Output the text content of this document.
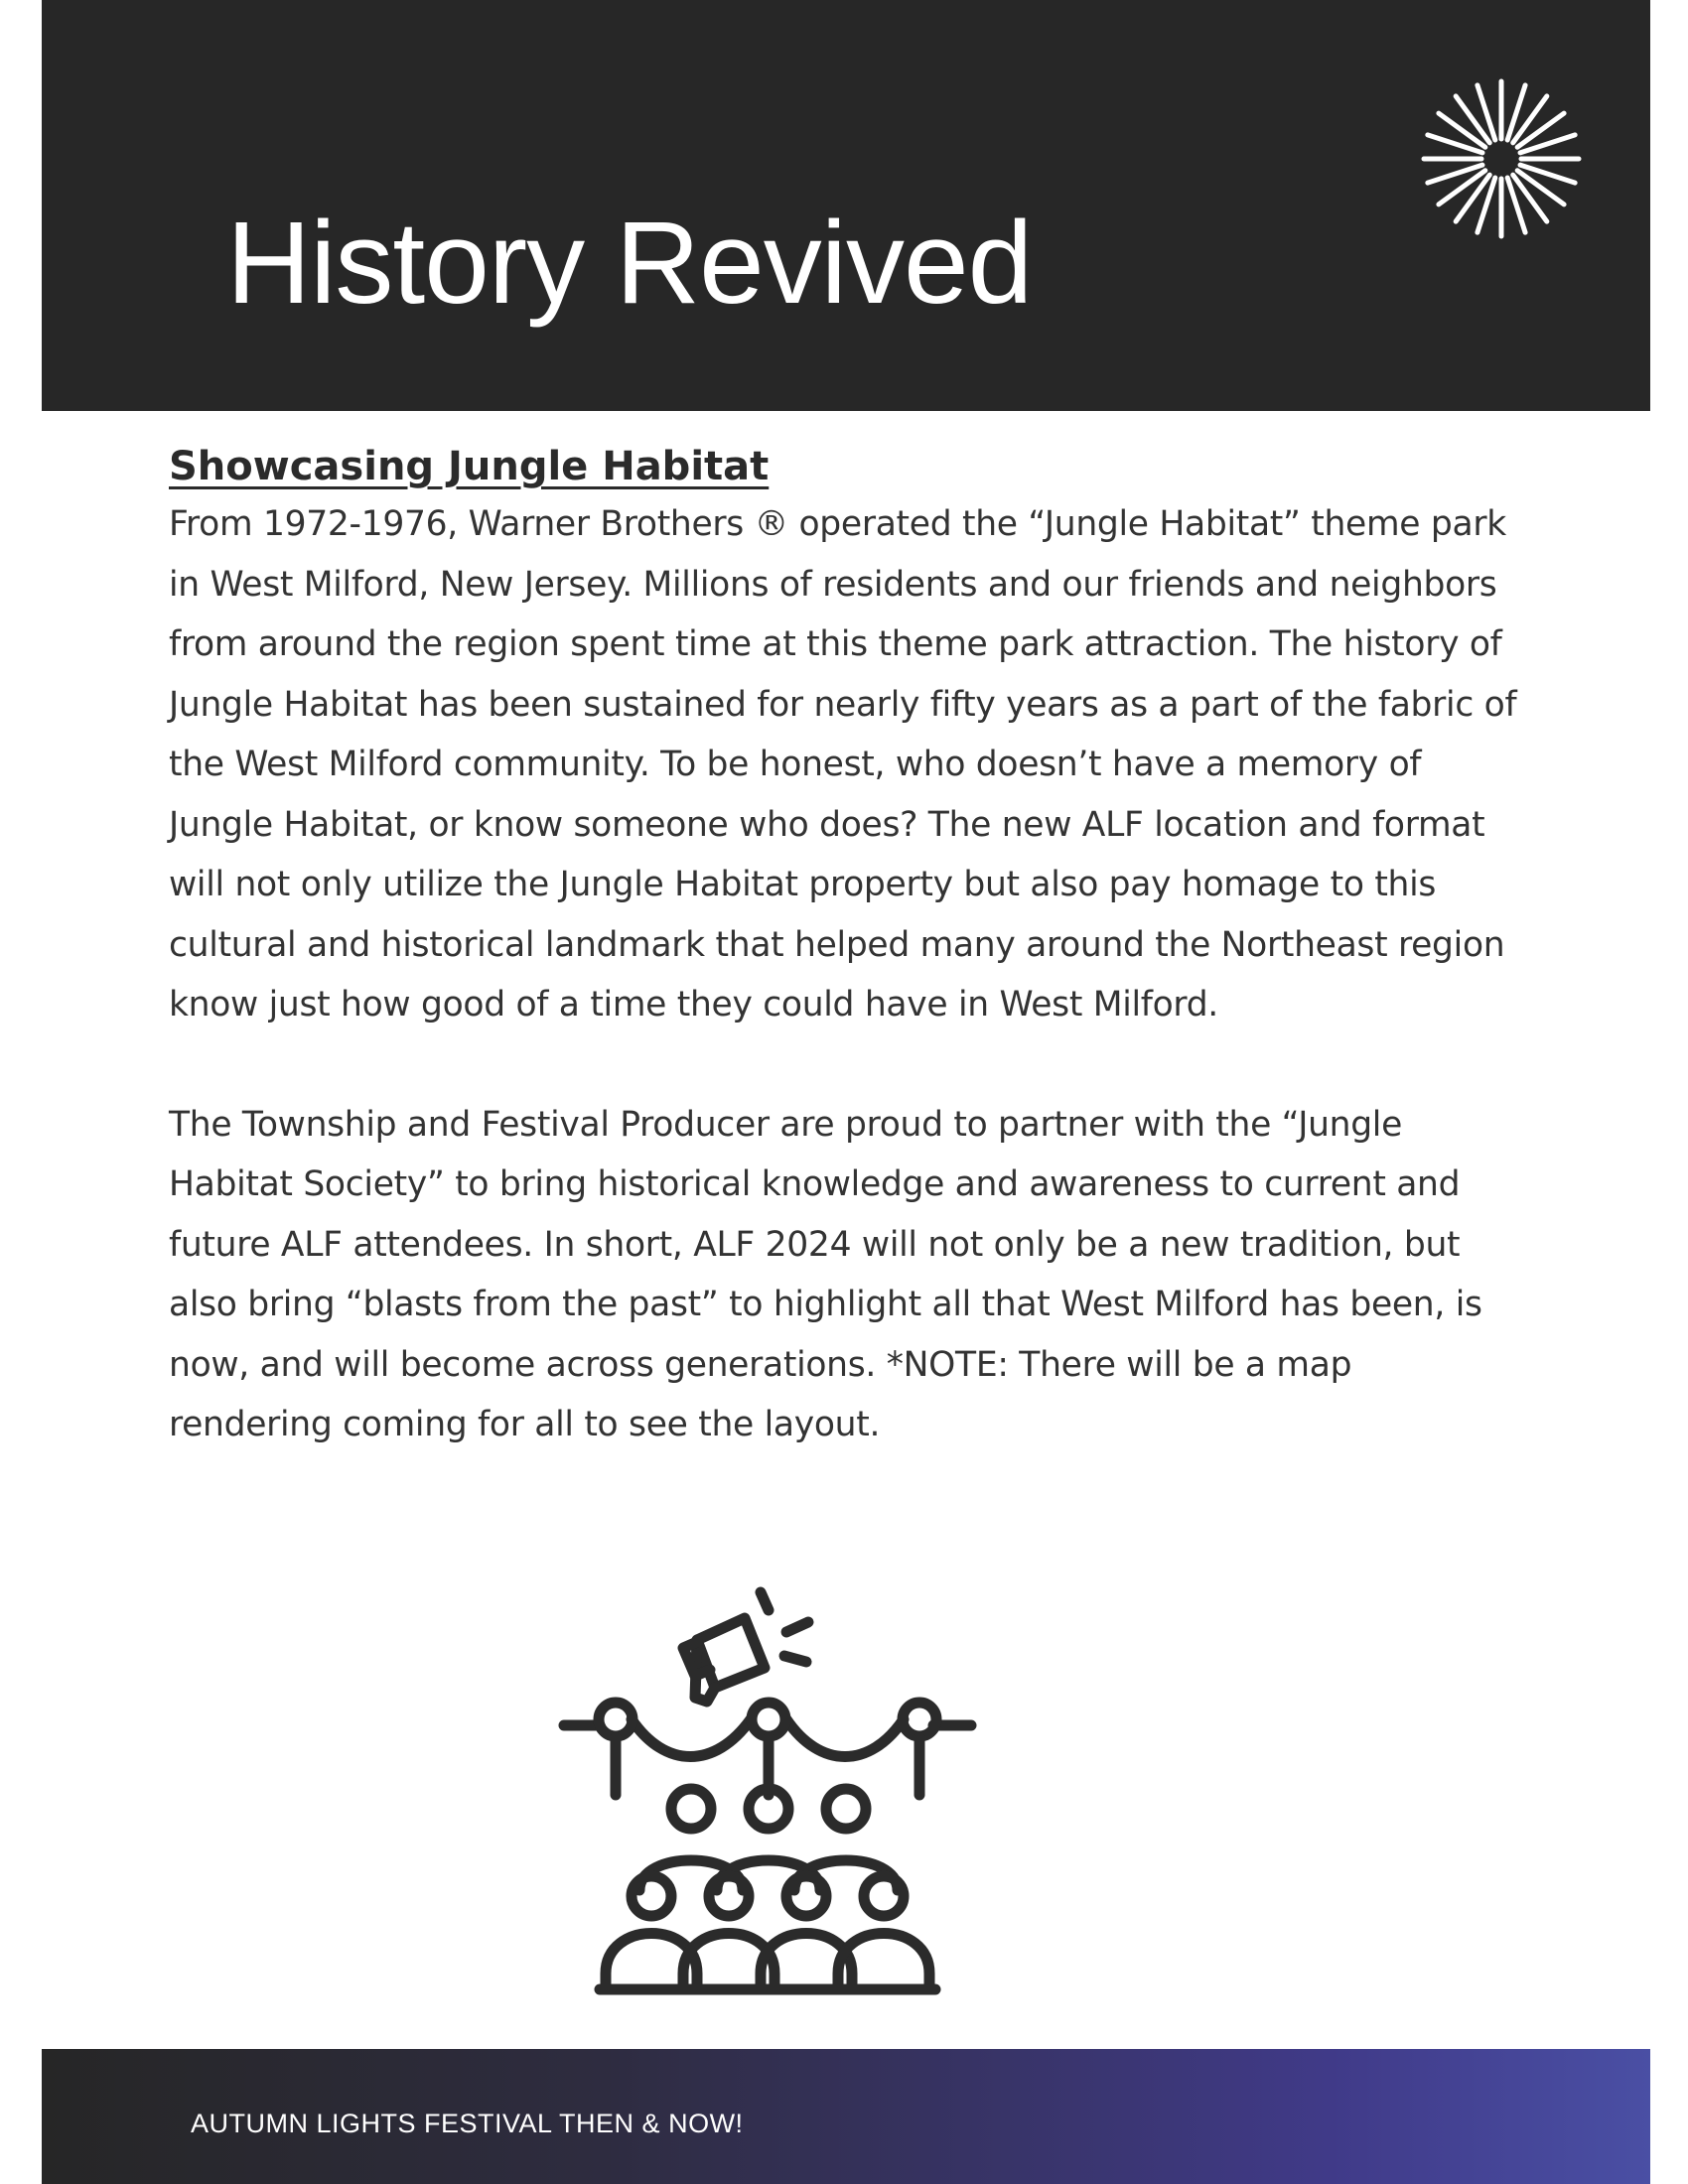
History Revived
Showcasing Jungle Habitat

From 1972-1976, Warner Brothers ® operated the “Jungle Habitat” theme park in West Milford, New Jersey. Millions of residents and our friends and neighbors from around the region spent time at this theme park attraction. The history of Jungle Habitat has been sustained for nearly fifty years as a part of the fabric of the West Milford community. To be honest, who doesn’t have a memory of Jungle Habitat, or know someone who does? The new ALF location and format will not only utilize the Jungle Habitat property but also pay homage to this cultural and historical landmark that helped many around the Northeast region know just how good of a time they could have in West Milford.

The Township and Festival Producer are proud to partner with the “Jungle Habitat Society” to bring historical knowledge and awareness to current and future ALF attendees. In short, ALF 2024 will not only be a new tradition, but also bring “blasts from the past” to highlight all that West Milford has been, is now, and will become across generations. *NOTE: There will be a map rendering coming for all to see the layout.

AUTUMN LIGHTS FESTIVAL THEN & NOW!
